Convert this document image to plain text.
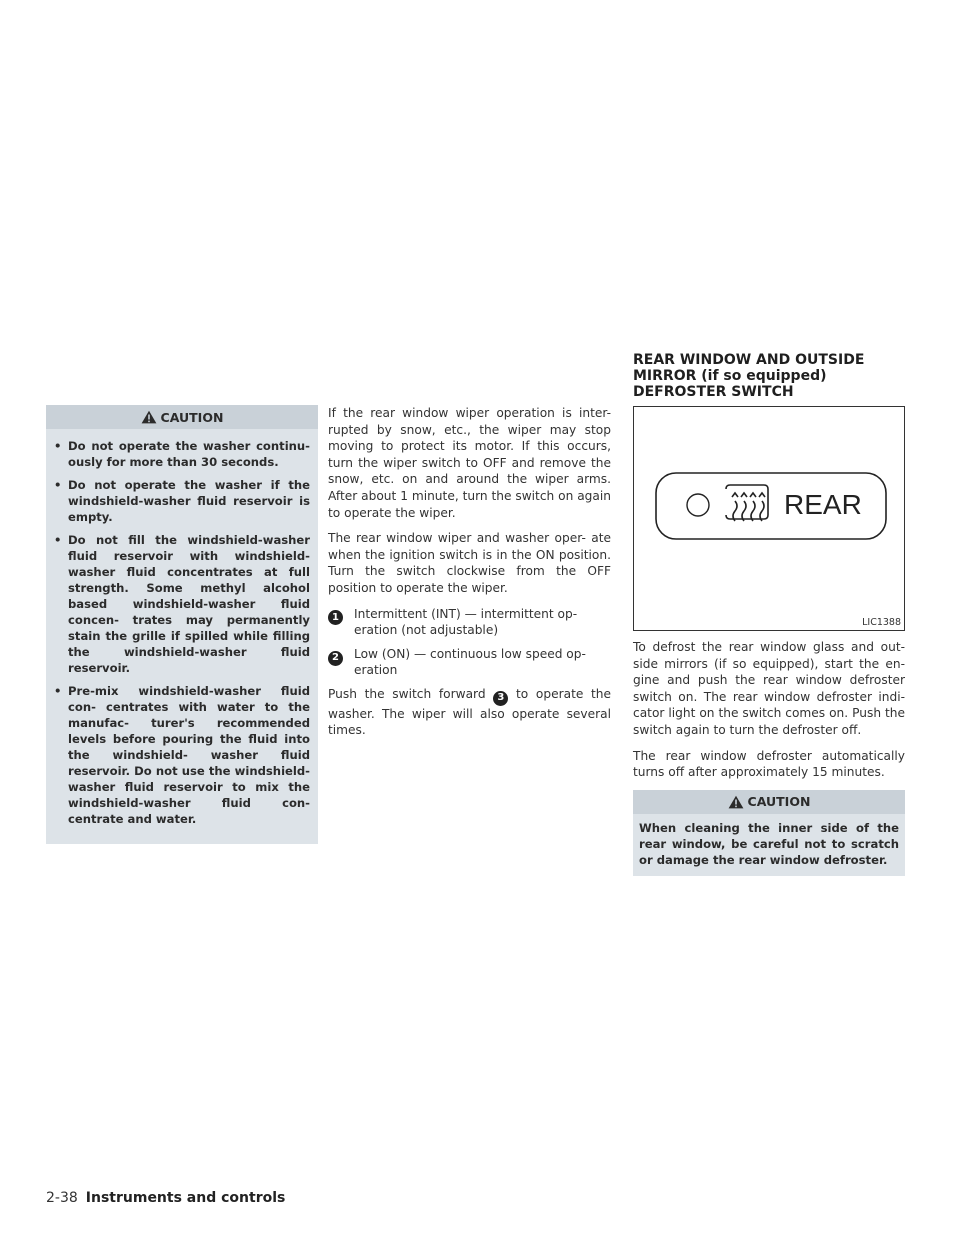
CAUTION
• Do not operate the washer continu- ously for more than 30 seconds.
• Do not operate the washer if the windshield-washer fluid reservoir is empty.
• Do not fill the windshield-washer fluid reservoir with windshield-washer fluid concentrates at full strength. Some methyl alcohol based windshield-washer fluid concen- trates may permanently stain the grille if spilled while filling the windshield-washer fluid reservoir.
• Pre-mix windshield-washer fluid con- centrates with water to the manufac- turer's recommended levels before pouring the fluid into the windshield- washer fluid reservoir. Do not use the windshield-washer fluid reservoir to mix the windshield-washer fluid con- centrate and water.

If the rear window wiper operation is inter- rupted by snow, etc., the wiper may stop moving to protect its motor. If this occurs, turn the wiper switch to OFF and remove the snow, etc. on and around the wiper arms. After about 1 minute, turn the switch on again to operate the wiper.

The rear window wiper and washer oper- ate when the ignition switch is in the ON position. Turn the switch clockwise from the OFF position to operate the wiper.

1	Intermittent (INT) — intermittent op- eration (not adjustable)
2	Low (ON) — continuous low speed op- eration

Push the switch forward 3 to operate the washer. The wiper will also operate several times.

REAR WINDOW AND OUTSIDE
MIRROR (if so equipped)
DEFROSTER SWITCH
REAR
LIC1388

To defrost the rear window glass and out- side mirrors (if so equipped), start the en- gine and push the rear window defroster switch on. The rear window defroster indi- cator light on the switch comes on. Push the switch again to turn the defroster off.

The rear window defroster automatically turns off after approximately 15 minutes.

CAUTION
When cleaning the inner side of the rear window, be careful not to scratch or damage the rear window defroster.
2-38 Instruments and controls
